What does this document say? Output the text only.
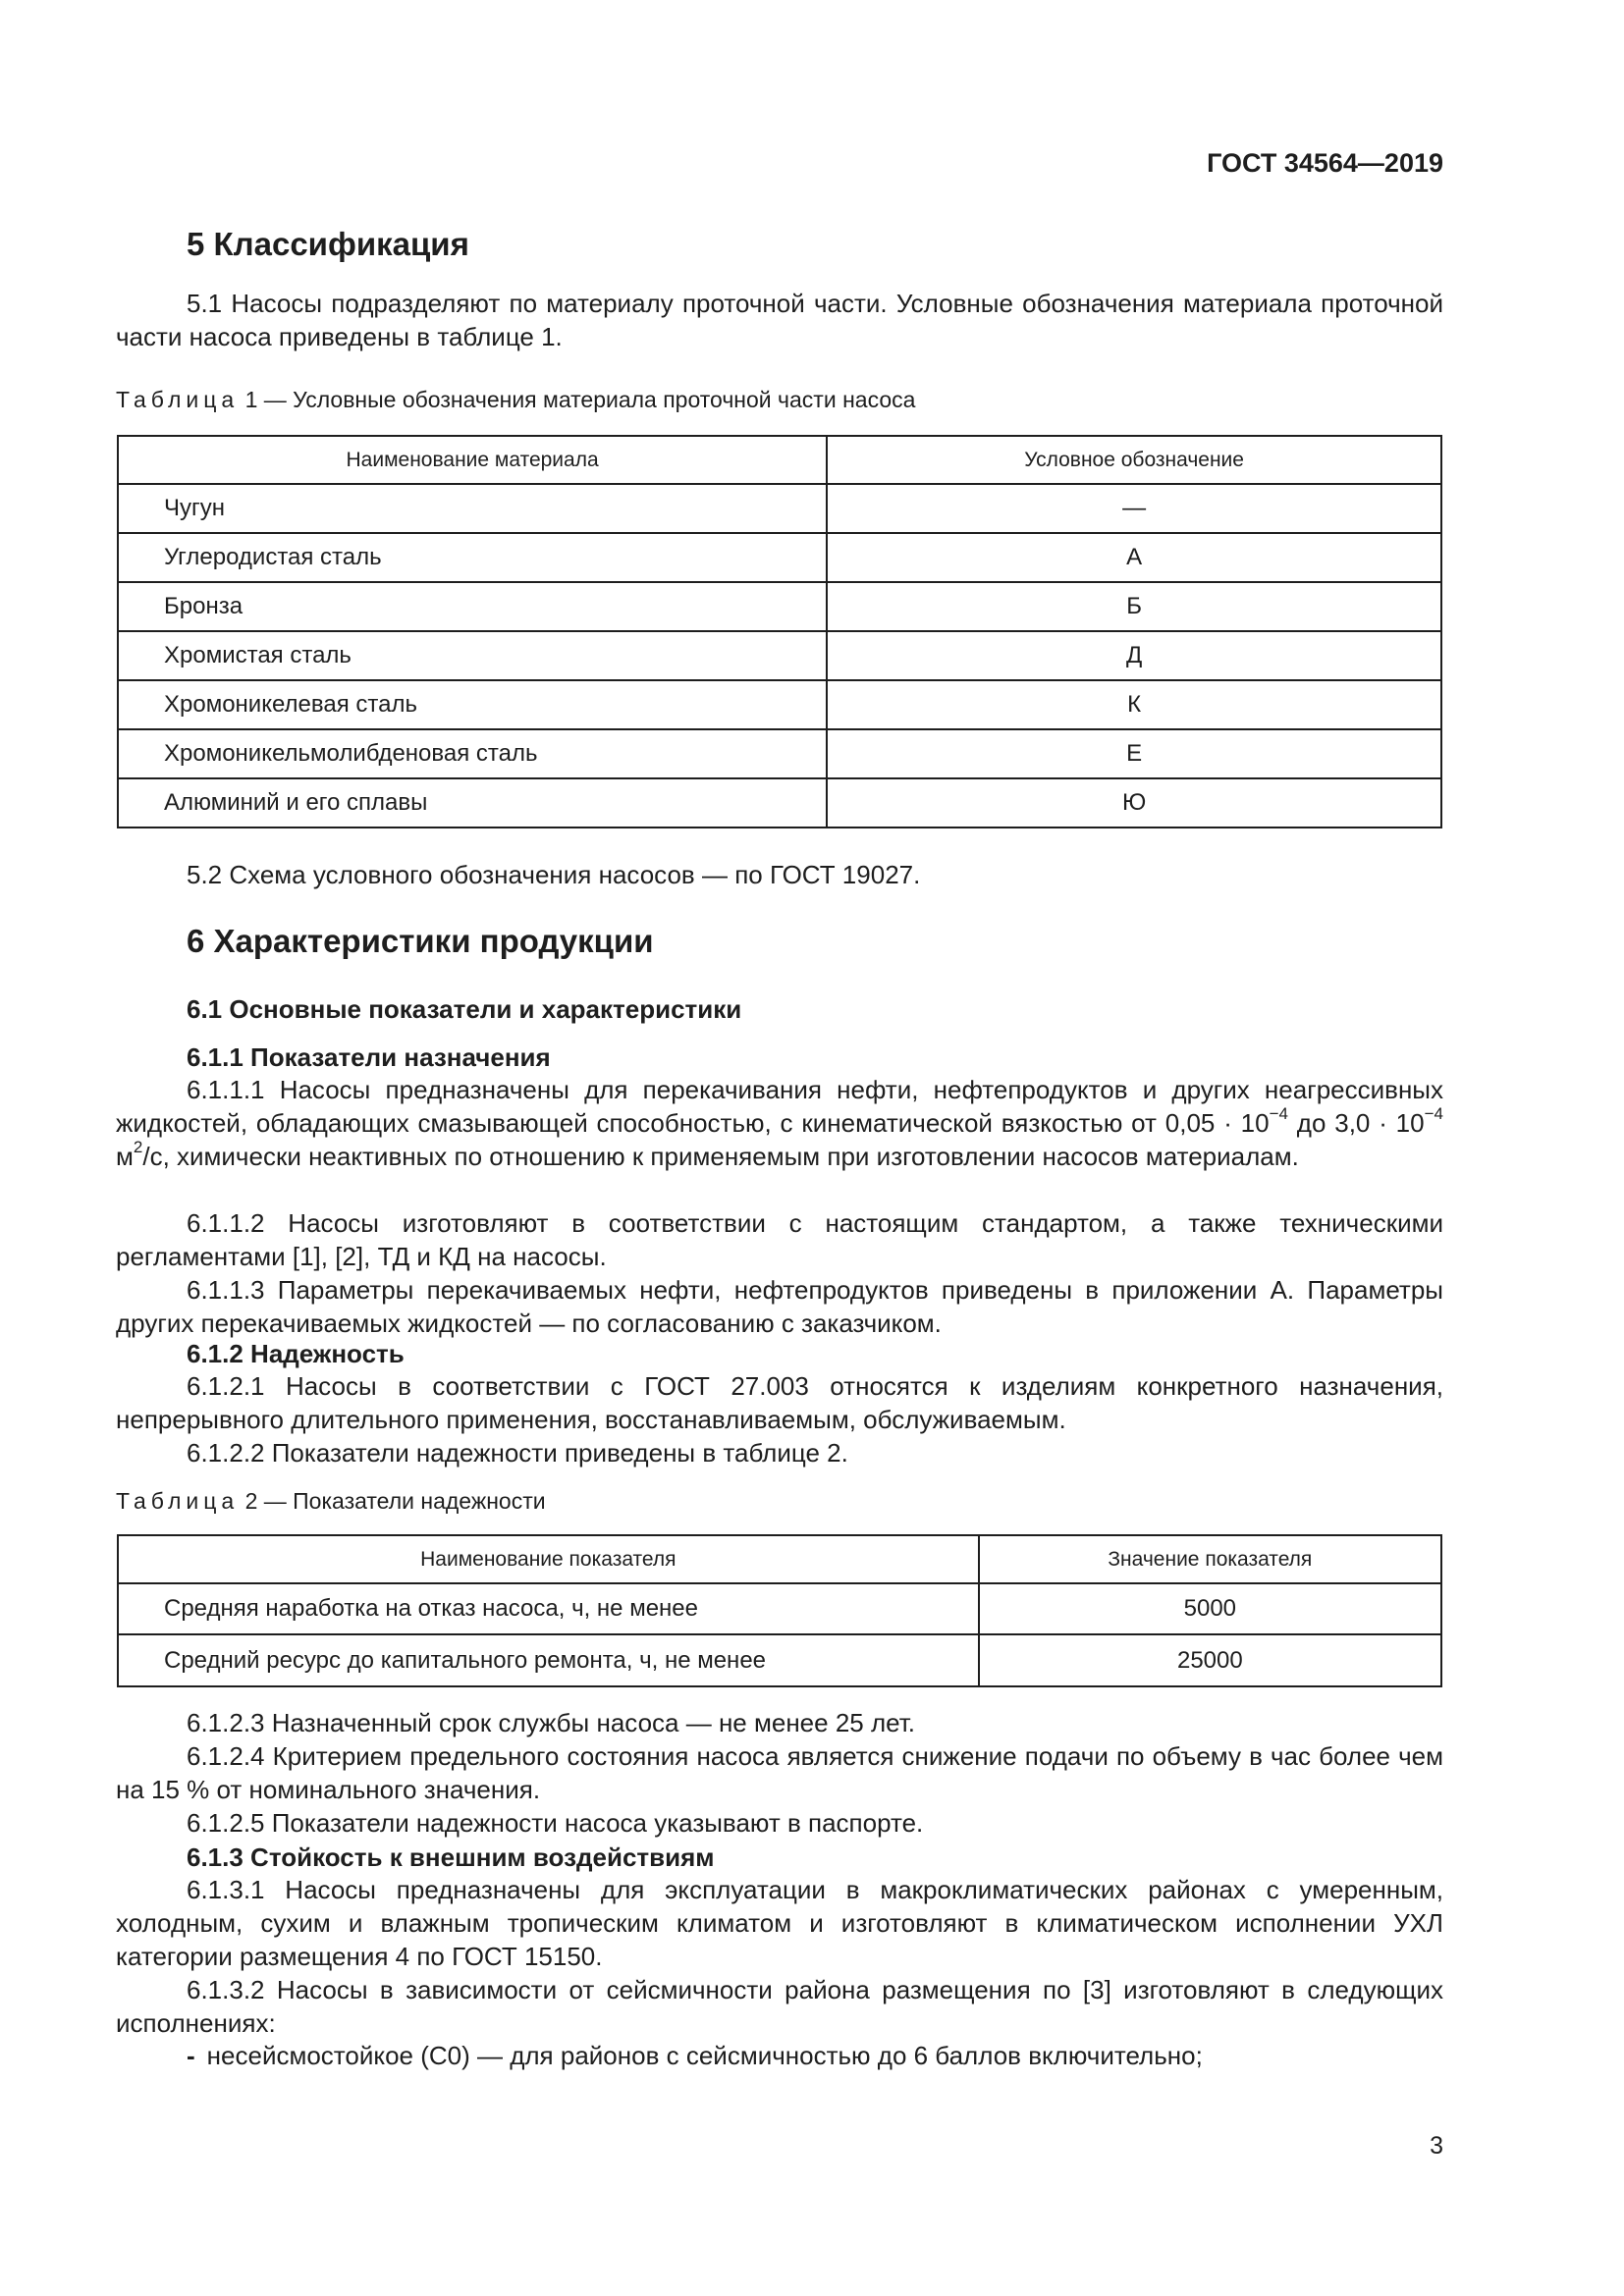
ГОСТ 34564—2019
5 Классификация

5.1 Насосы подразделяют по материалу проточной части. Условные обозначения материала проточной части насоса приведены в таблице 1.

Таблица 1 — Условные обозначения материала проточной части насоса
Наименование материала	Условное обозначение
Чугун	—
Углеродистая сталь	А
Бронза	Б
Хромистая сталь	Д
Хромоникелевая сталь	К
Хромоникельмолибденовая сталь	Е
Алюминий и его сплавы	Ю

5.2 Схема условного обозначения насосов — по ГОСТ 19027.

6 Характеристики продукции
6.1 Основные показатели и характеристики
6.1.1 Показатели назначения

6.1.1.1 Насосы предназначены для перекачивания нефти, нефтепродуктов и других неагрессивных жидкостей, обладающих смазывающей способностью, с кинематической вязкостью от $0,05 \cdot 10^{-4}$ до $3,0 \cdot 10^{-4}$ $м^2/с$, химически неактивных по отношению к применяемым при изготовлении насосов материалам.

6.1.1.2 Насосы изготовляют в соответствии с настоящим стандартом, а также техническими регламентами [1], [2], ТД и КД на насосы.

6.1.1.3 Параметры перекачиваемых нефти, нефтепродуктов приведены в приложении А. Параметры других перекачиваемых жидкостей — по согласованию с заказчиком.

6.1.2 Надежность

6.1.2.1 Насосы в соответствии с ГОСТ 27.003 относятся к изделиям конкретного назначения, непрерывного длительного применения, восстанавливаемым, обслуживаемым.

6.1.2.2 Показатели надежности приведены в таблице 2.

Таблица 2 — Показатели надежности
Наименование показателя	Значение показателя
Средняя наработка на отказ насоса, ч, не менее	5000
Средний ресурс до капитального ремонта, ч, не менее	25000

6.1.2.3 Назначенный срок службы насоса — не менее 25 лет.

6.1.2.4 Критерием предельного состояния насоса является снижение подачи по объему в час более чем на 15 % от номинального значения.

6.1.2.5 Показатели надежности насоса указывают в паспорте.

6.1.3 Стойкость к внешним воздействиям

6.1.3.1 Насосы предназначены для эксплуатации в макроклиматических районах с умеренным, холодным, сухим и влажным тропическим климатом и изготовляют в климатическом исполнении УХЛ категории размещения 4 по ГОСТ 15150.

6.1.3.2 Насосы в зависимости от сейсмичности района размещения по [3] изготовляют в следующих исполнениях:

- несейсмостойкое (С0) — для районов с сейсмичностью до 6 баллов включительно;
3
